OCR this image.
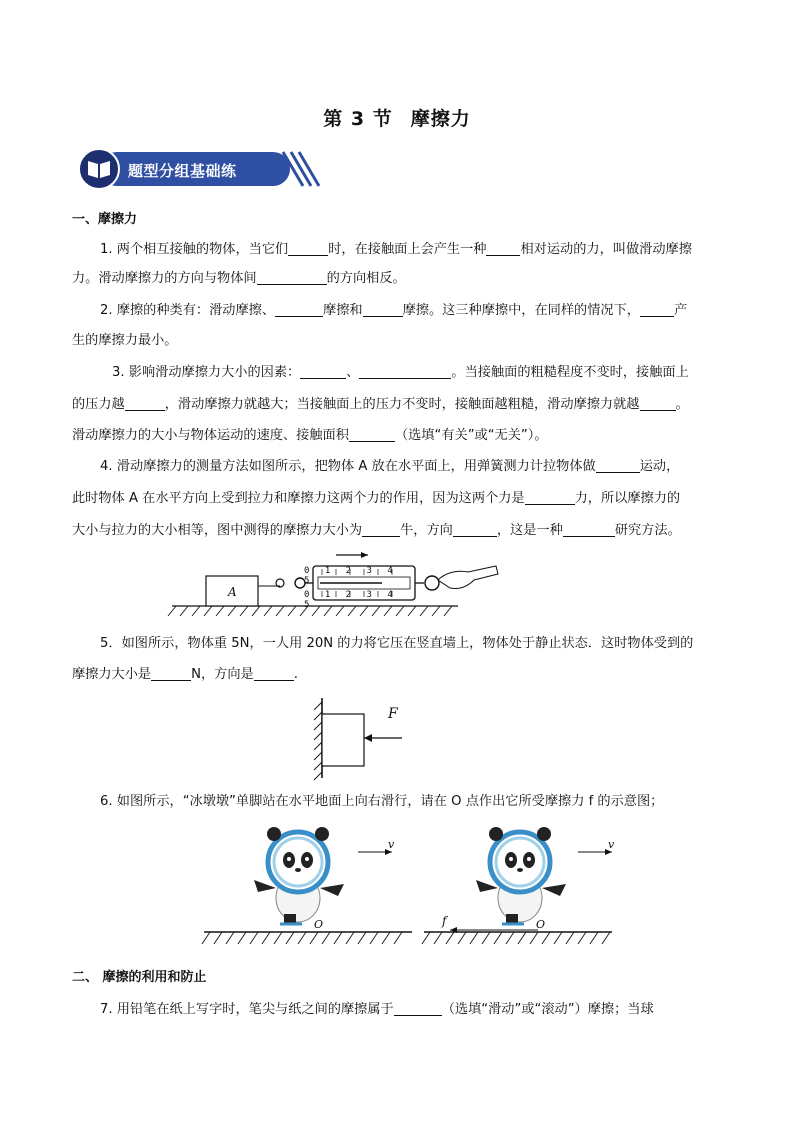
第 3 节 摩擦力
题型分组基础练
一、摩擦力
1. 两个相互接触的物体，当它们	时，在接触面上会产生一种	相对运动的力，叫做滑动摩擦
力。滑动摩擦力的方向与物体间	的方向相反。
2. 摩擦的种类有：滑动摩擦、	摩擦和	摩擦。这三种摩擦中，在同样的情况下，	产
生的摩擦力最小。
3. 影响滑动摩擦力大小的因素：	、	。当接触面的粗糙程度不变时，接触面上
的压力越	，滑动摩擦力就越大；当接触面上的压力不变时，接触面越粗糙，滑动摩擦力就越	。
滑动摩擦力的大小与物体运动的速度、接触面积	（选填“有关”或“无关”）。
4. 滑动摩擦力的测量方法如图所示，把物体 A 放在水平面上，用弹簧测力计拉物体做	运动，
此时物体 A 在水平方向上受到拉力和摩擦力这两个力的作用，因为这两个力是	力，所以摩擦力的
大小与拉力的大小相等，图中测得的摩擦力大小为	牛，方向	，这是一种	研究方法。
0 1 2 3 4 5
0 1 2 3 4 5
A
5．如图所示，物体重 5N，一人用 20N 的力将它压在竖直墙上，物体处于静止状态．这时物体受到的
摩擦力大小是	N，方向是	.
F
6. 如图所示，“冰墩墩”单脚站在水平地面上向右滑行，请在 O 点作出它所受摩擦力 f 的示意图；
v
O
v
O
f
二、 摩擦的利用和防止
7. 用铅笔在纸上写字时，笔尖与纸之间的摩擦属于	（选填“滑动”或“滚动”）摩擦；当球
